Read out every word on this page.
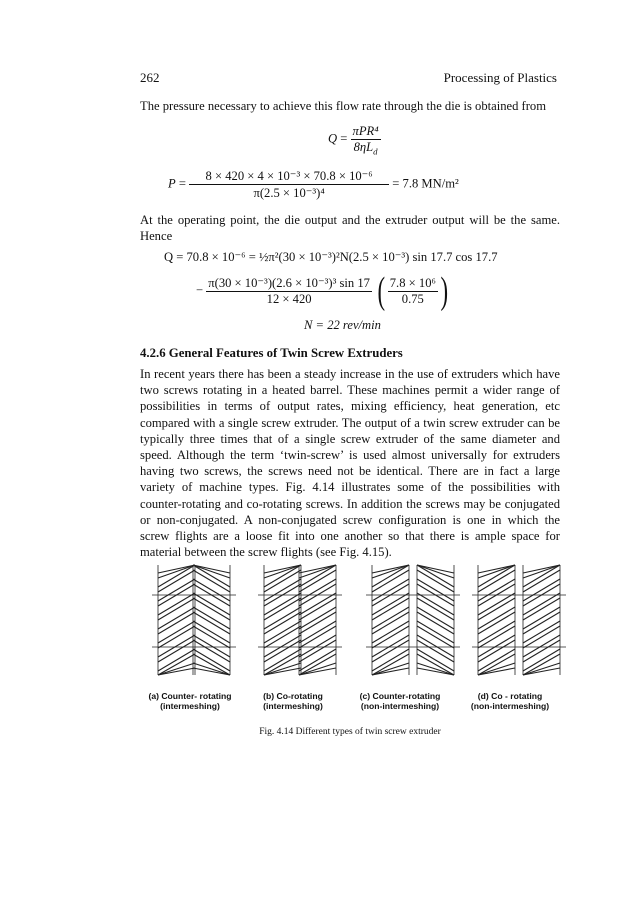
262	Processing of Plastics
The pressure necessary to achieve this flow rate through the die is obtained from
$Q = \frac{\text{πPR⁴}}{8\eta L_d}$
$P = \frac{\text{8 × 420 × 4 × 10⁻³ × 70.8 × 10⁻⁶}}{\text{π(2.5 × 10⁻³)⁴}} = 7.8$ MN/m²
At the operating point, the die output and the extruder output will be the same. Hence
Q = 70.8 × 10⁻⁶ = ½π²(30 × 10⁻³)²N(2.5 × 10⁻³) sin 17.7 cos 17.7
− $\frac{\text{π(30 × 10⁻³)(2.6 × 10⁻³)³ sin 17}}{12 \times 420}$ ( $\frac{\text{7.8 × 10⁶}}{0.75}$ )
N = 22 rev/min
4.2.6 General Features of Twin Screw Extruders
In recent years there has been a steady increase in the use of extruders which have two screws rotating in a heated barrel. These machines permit a wider range of possibilities in terms of output rates, mixing efficiency, heat generation, etc compared with a single screw extruder. The output of a twin screw extruder can be typically three times that of a single screw extruder of the same diameter and speed. Although the term ‘twin-screw’ is used almost universally for extruders having two screws, the screws need not be identical. There are in fact a large variety of machine types. Fig. 4.14 illustrates some of the possibilities with counter-rotating and co-rotating screws. In addition the screws may be conjugated or non-conjugated. A non-conjugated screw configuration is one in which the screw flights are a loose fit into one another so that there is ample space for material between the screw flights (see Fig. 4.15).
(a) Counter- rotating
(intermeshing)
(b) Co-rotating
(intermeshing)
(c) Counter-rotating
(non-intermeshing)
(d) Co - rotating
(non-intermeshing)
Fig. 4.14 Different types of twin screw extruder
